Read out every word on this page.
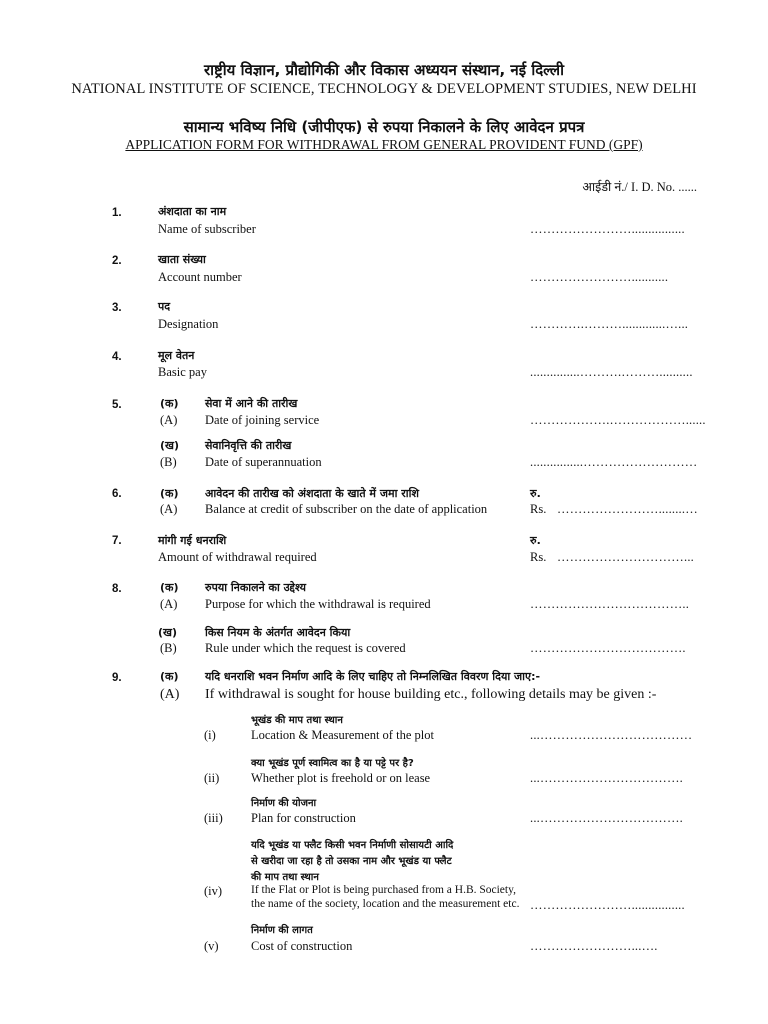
राष्ट्रीय विज्ञान, प्रौद्योगिकी और विकास अध्ययन संस्थान, नई दिल्ली
NATIONAL INSTITUTE OF SCIENCE, TECHNOLOGY & DEVELOPMENT STUDIES, NEW DELHI
सामान्य भविष्य निधि (जीपीएफ) से रुपया निकालने के लिए आवेदन प्रपत्र
APPLICATION FORM FOR WITHDRAWAL FROM GENERAL PROVIDENT FUND (GPF)
आईडी नं./ I. D. No. ......
1.	अंशदाता का नाम
Name of subscriber	……………………................
2.	खाता संख्या
Account number	……………………...........
3.	पद
Designation	………….……….............…...
4.	मूल वेतन
Basic pay	...............……….………..........
5.	(क) सेवा में आने की तारीख
(A) Date of joining service	……………….………………......
(ख) सेवानिवृत्ति की तारीख
(B) Date of superannuation	................………………………
6.	(क) आवेदन की तारीख को अंशदाता के खाते में जमा राशि	रु.
(A) Balance at credit of subscriber on the date of application	Rs. ……………………........…
7.	मांगी गई धनराशि	रु.
Amount of withdrawal required	Rs. …………………………...
8.	(क) रुपया निकालने का उद्देश्य
(A) Purpose for which the withdrawal is required	………………………………..
(ख)	किस नियम के अंतर्गत आवेदन किया
(B) Rule under which the request is covered	……………………………….
9.	(क) यदि धनराशि भवन निर्माण आदि के लिए चाहिए तो निम्नलिखित विवरण दिया जाए:-
(A) If withdrawal is sought for house building etc., following details may be given :-
भूखंड की माप तथा स्थान
(i)	Location & Measurement of the plot	...………………………………
क्या भूखंड पूर्ण स्वामित्व का है या पट्टे पर है?
(ii)	Whether plot is freehold or on lease	...…………………………….
निर्माण की योजना
(iii) Plan for construction	...…………………………….
यदि भूखंड या फ्लैट किसी भवन निर्माणी सोसायटी आदि
से खरीदा जा रहा है तो उसका नाम और भूखंड या फ्लैट
की माप तथा स्थान
(iv)	If the Flat or Plot is being purchased from a H.B. Society,
the name of the society, location and the measurement etc. ……………………................
निर्माण की लागत
(v)	Cost of construction	……………………...….
